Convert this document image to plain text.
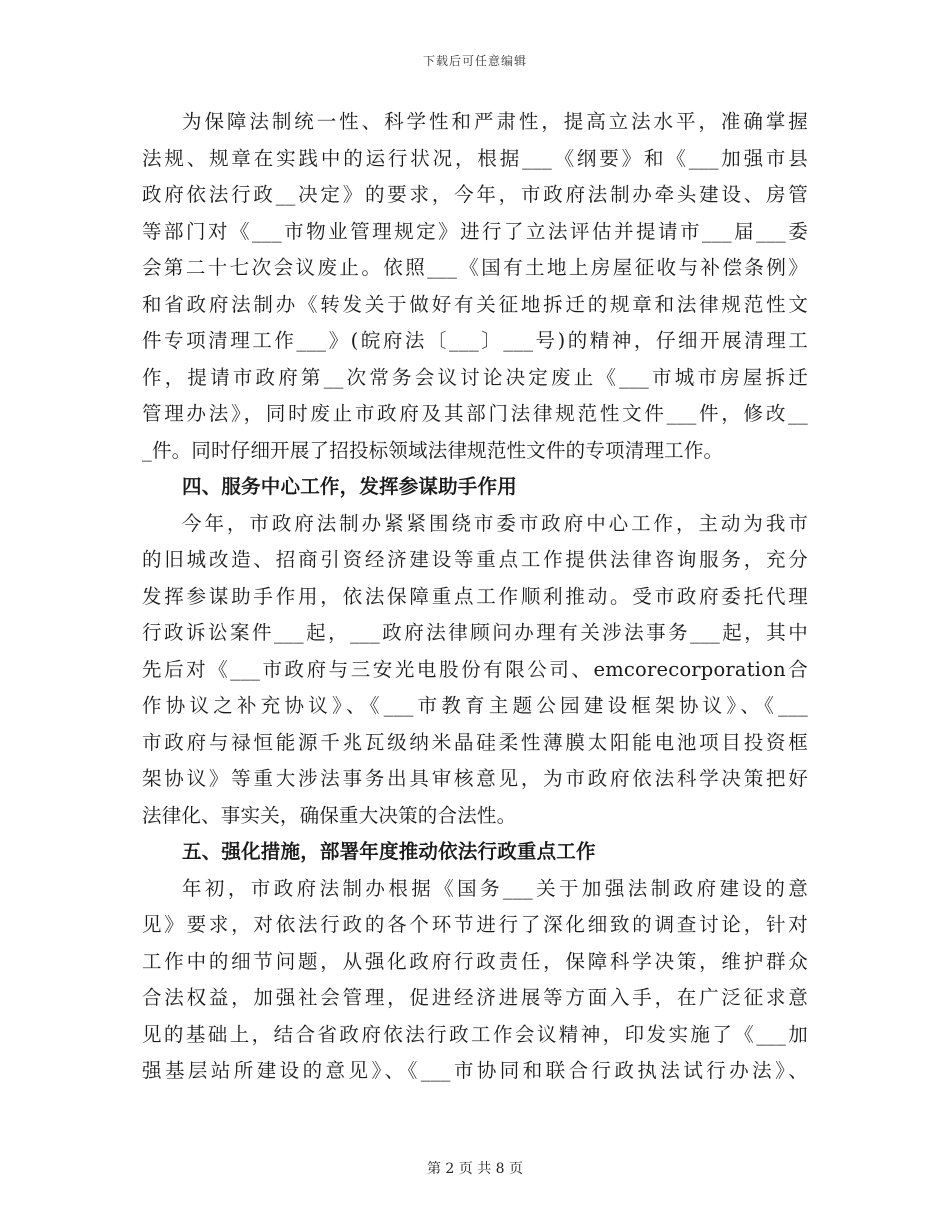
下载后可任意编辑
为保障法制统一性、科学性和严肃性，提高立法水平，准确掌握
法规、规章在实践中的运行状况，根据___《纲要》和《___加强市县
政府依法行政__决定》的要求，今年，市政府法制办牵头建设、房管
等部门对《___市物业管理规定》进行了立法评估并提请市___届___委
会第二十七次会议废止。依照___《国有土地上房屋征收与补偿条例》
和省政府法制办《转发关于做好有关征地拆迁的规章和法律规范性文
件专项清理工作___》(皖府法〔___〕___号)的精神，仔细开展清理工
作，提请市政府第__次常务会议讨论决定废止《___市城市房屋拆迁
管理办法》，同时废止市政府及其部门法律规范性文件___件，修改__
_件。同时仔细开展了招投标领域法律规范性文件的专项清理工作。
四、服务中心工作，发挥参谋助手作用
今年，市政府法制办紧紧围绕市委市政府中心工作，主动为我市
的旧城改造、招商引资经济建设等重点工作提供法律咨询服务，充分
发挥参谋助手作用，依法保障重点工作顺利推动。受市政府委托代理
行政诉讼案件___起，___政府法律顾问办理有关涉法事务___起，其中
先后对《___市政府与三安光电股份有限公司、emcorecorporation合
作协议之补充协议》、《___市教育主题公园建设框架协议》、《___
市政府与禄恒能源千兆瓦级纳米晶硅柔性薄膜太阳能电池项目投资框
架协议》等重大涉法事务出具审核意见，为市政府依法科学决策把好
法律化、事实关，确保重大决策的合法性。
五、强化措施，部署年度推动依法行政重点工作
年初，市政府法制办根据《国务___关于加强法制政府建设的意
见》要求，对依法行政的各个环节进行了深化细致的调查讨论，针对
工作中的细节问题，从强化政府行政责任，保障科学决策，维护群众
合法权益，加强社会管理，促进经济进展等方面入手，在广泛征求意
见的基础上，结合省政府依法行政工作会议精神，印发实施了《___加
强基层站所建设的意见》、《___市协同和联合行政执法试行办法》、
第 2 页 共 8 页
